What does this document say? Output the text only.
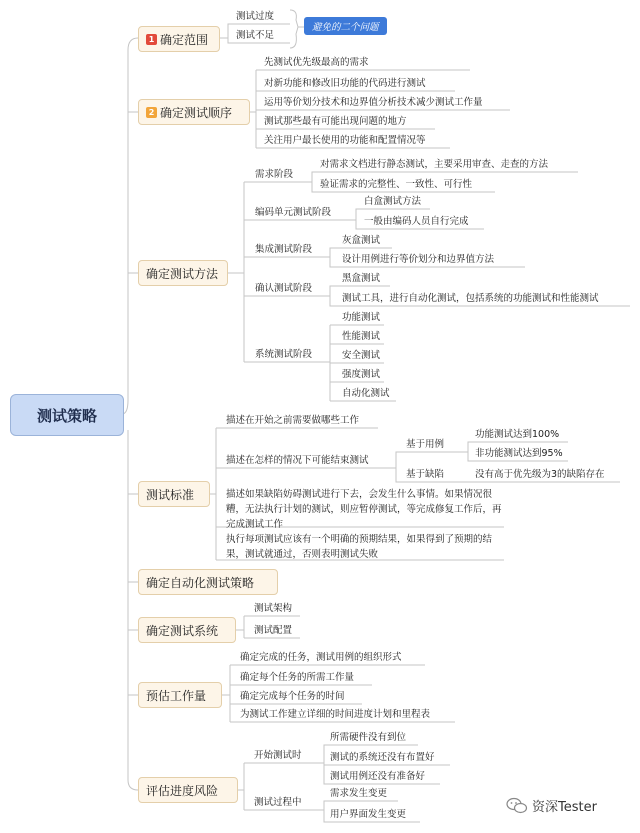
测试策略
1 确定范围
测试过度
测试不足
避免的二个问题
2 确定测试顺序
先测试优先级最高的需求
对新功能和修改旧功能的代码进行测试
运用等价划分技术和边界值分析技术减少测试工作量
测试那些最有可能出现问题的地方
关注用户最长使用的功能和配置情况等
确定测试方法
需求阶段
对需求文档进行静态测试，主要采用审查、走查的方法
验证需求的完整性、一致性、可行性
编码单元测试阶段
白盒测试方法
一般由编码人员自行完成
集成测试阶段
灰盒测试
设计用例进行等价划分和边界值方法
确认测试阶段
黑盒测试
测试工具，进行自动化测试，包括系统的功能测试和性能测试
系统测试阶段
功能测试
性能测试
安全测试
强度测试
自动化测试
测试标准
描述在开始之前需要做哪些工作
描述在怎样的情况下可能结束测试
基于用例
功能测试达到100%
非功能测试达到95%
基于缺陷	没有高于优先级为3的缺陷存在
描述如果缺陷妨碍测试进行下去，会发生什么事情。如果情况很糟，无法执行计划的测试，则应暂停测试，等完成修复工作后，再完成测试工作
执行每项测试应该有一个明确的预期结果，如果得到了预期的结果，测试就通过，否则表明测试失败
确定自动化测试策略
确定测试系统
测试架构
测试配置
预估工作量
确定完成的任务，测试用例的组织形式
确定每个任务的所需工作量
确定完成每个任务的时间
为测试工作建立详细的时间进度计划和里程表
评估进度风险
开始测试时
所需硬件没有到位
测试的系统还没有布置好
测试用例还没有准备好
测试过程中
需求发生变更
用户界面发生变更	资深Tester
